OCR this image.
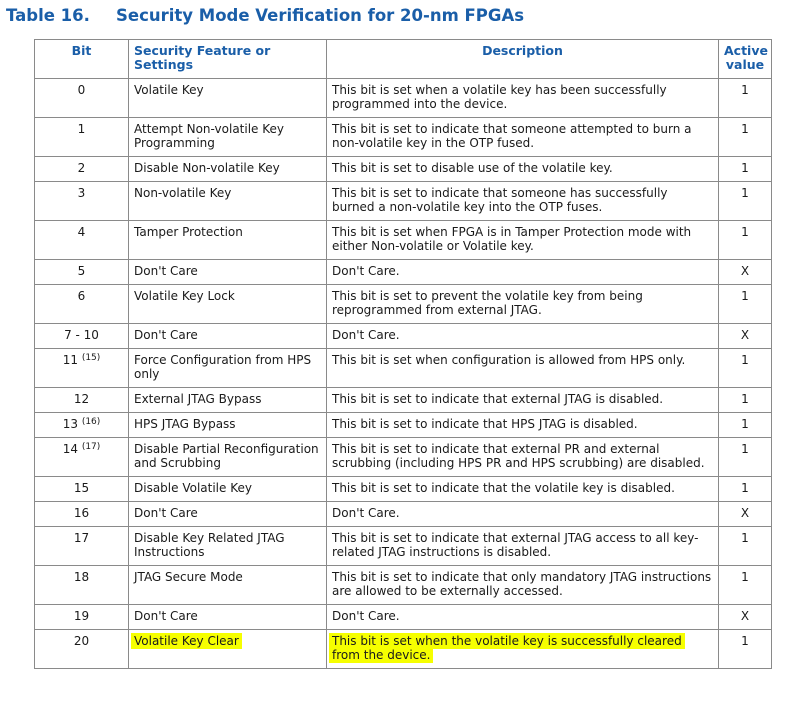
Table 16. Security Mode Verification for 20-nm FPGAs
Bit	Security Feature or Settings	Description	Active
value
0	Volatile Key	This bit is set when a volatile key has been successfully programmed into the device.	1
1	Attempt Non-volatile Key Programming	This bit is set to indicate that someone attempted to burn a non-volatile key in the OTP fused.	1
2	Disable Non-volatile Key	This bit is set to disable use of the volatile key.	1
3	Non-volatile Key	This bit is set to indicate that someone has successfully burned a non-volatile key into the OTP fuses.	1
4	Tamper Protection	This bit is set when FPGA is in Tamper Protection mode with either Non-volatile or Volatile key.	1
5	Don't Care	Don't Care.	X
6	Volatile Key Lock	This bit is set to prevent the volatile key from being reprogrammed from external JTAG.	1
7 - 10	Don't Care	Don't Care.	X
11 $^{(15)}$	Force Configuration from HPS only	This bit is set when configuration is allowed from HPS only.	1
12	External JTAG Bypass	This bit is set to indicate that external JTAG is disabled.	1
13 $^{(16)}$	HPS JTAG Bypass	This bit is set to indicate that HPS JTAG is disabled.	1
14 $^{(17)}$	Disable Partial Reconfiguration and Scrubbing	This bit is set to indicate that external PR and external scrubbing (including HPS PR and HPS scrubbing) are disabled.	1
15	Disable Volatile Key	This bit is set to indicate that the volatile key is disabled.	1
16	Don't Care	Don't Care.	X
17	Disable Key Related JTAG Instructions	This bit is set to indicate that external JTAG access to all key-related JTAG instructions is disabled.	1
18	JTAG Secure Mode	This bit is set to indicate that only mandatory JTAG instructions are allowed to be externally accessed.	1
19	Don't Care	Don't Care.	X
20	Volatile Key Clear	This bit is set when the volatile key is successfully cleared from the device.	1
